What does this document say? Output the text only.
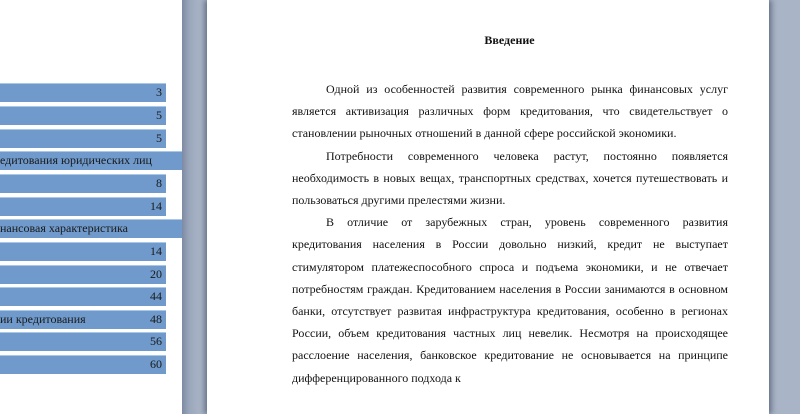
3
5
5
едитования юридических лиц
8
14
нансовая характеристика
14
20
44
ии кредитования	48
56
60
Введение

Одной из особенностей развития современного рынка финансовых услуг является активизация различных форм кредитования, что свидетельствует о становлении рыночных отношений в данной сфере российской экономики.

Потребности современного человека растут, постоянно появляется необходимость в новых вещах, транспортных средствах, хочется путешествовать и пользоваться другими прелестями жизни.

В отличие от зарубежных стран, уровень современного развития кредитования населения в России довольно низкий, кредит не выступает стимулятором платежеспособного спроса и подъема экономики, и не отвечает потребностям граждан. Кредитованием населения в России занимаются в основном банки, отсутствует развитая инфраструктура кредитования, особенно в регионах России, объем кредитования частных лиц невелик. Несмотря на происходящее расслоение населения, банковское кредитование не основывается на принципе дифференцированного подхода к
